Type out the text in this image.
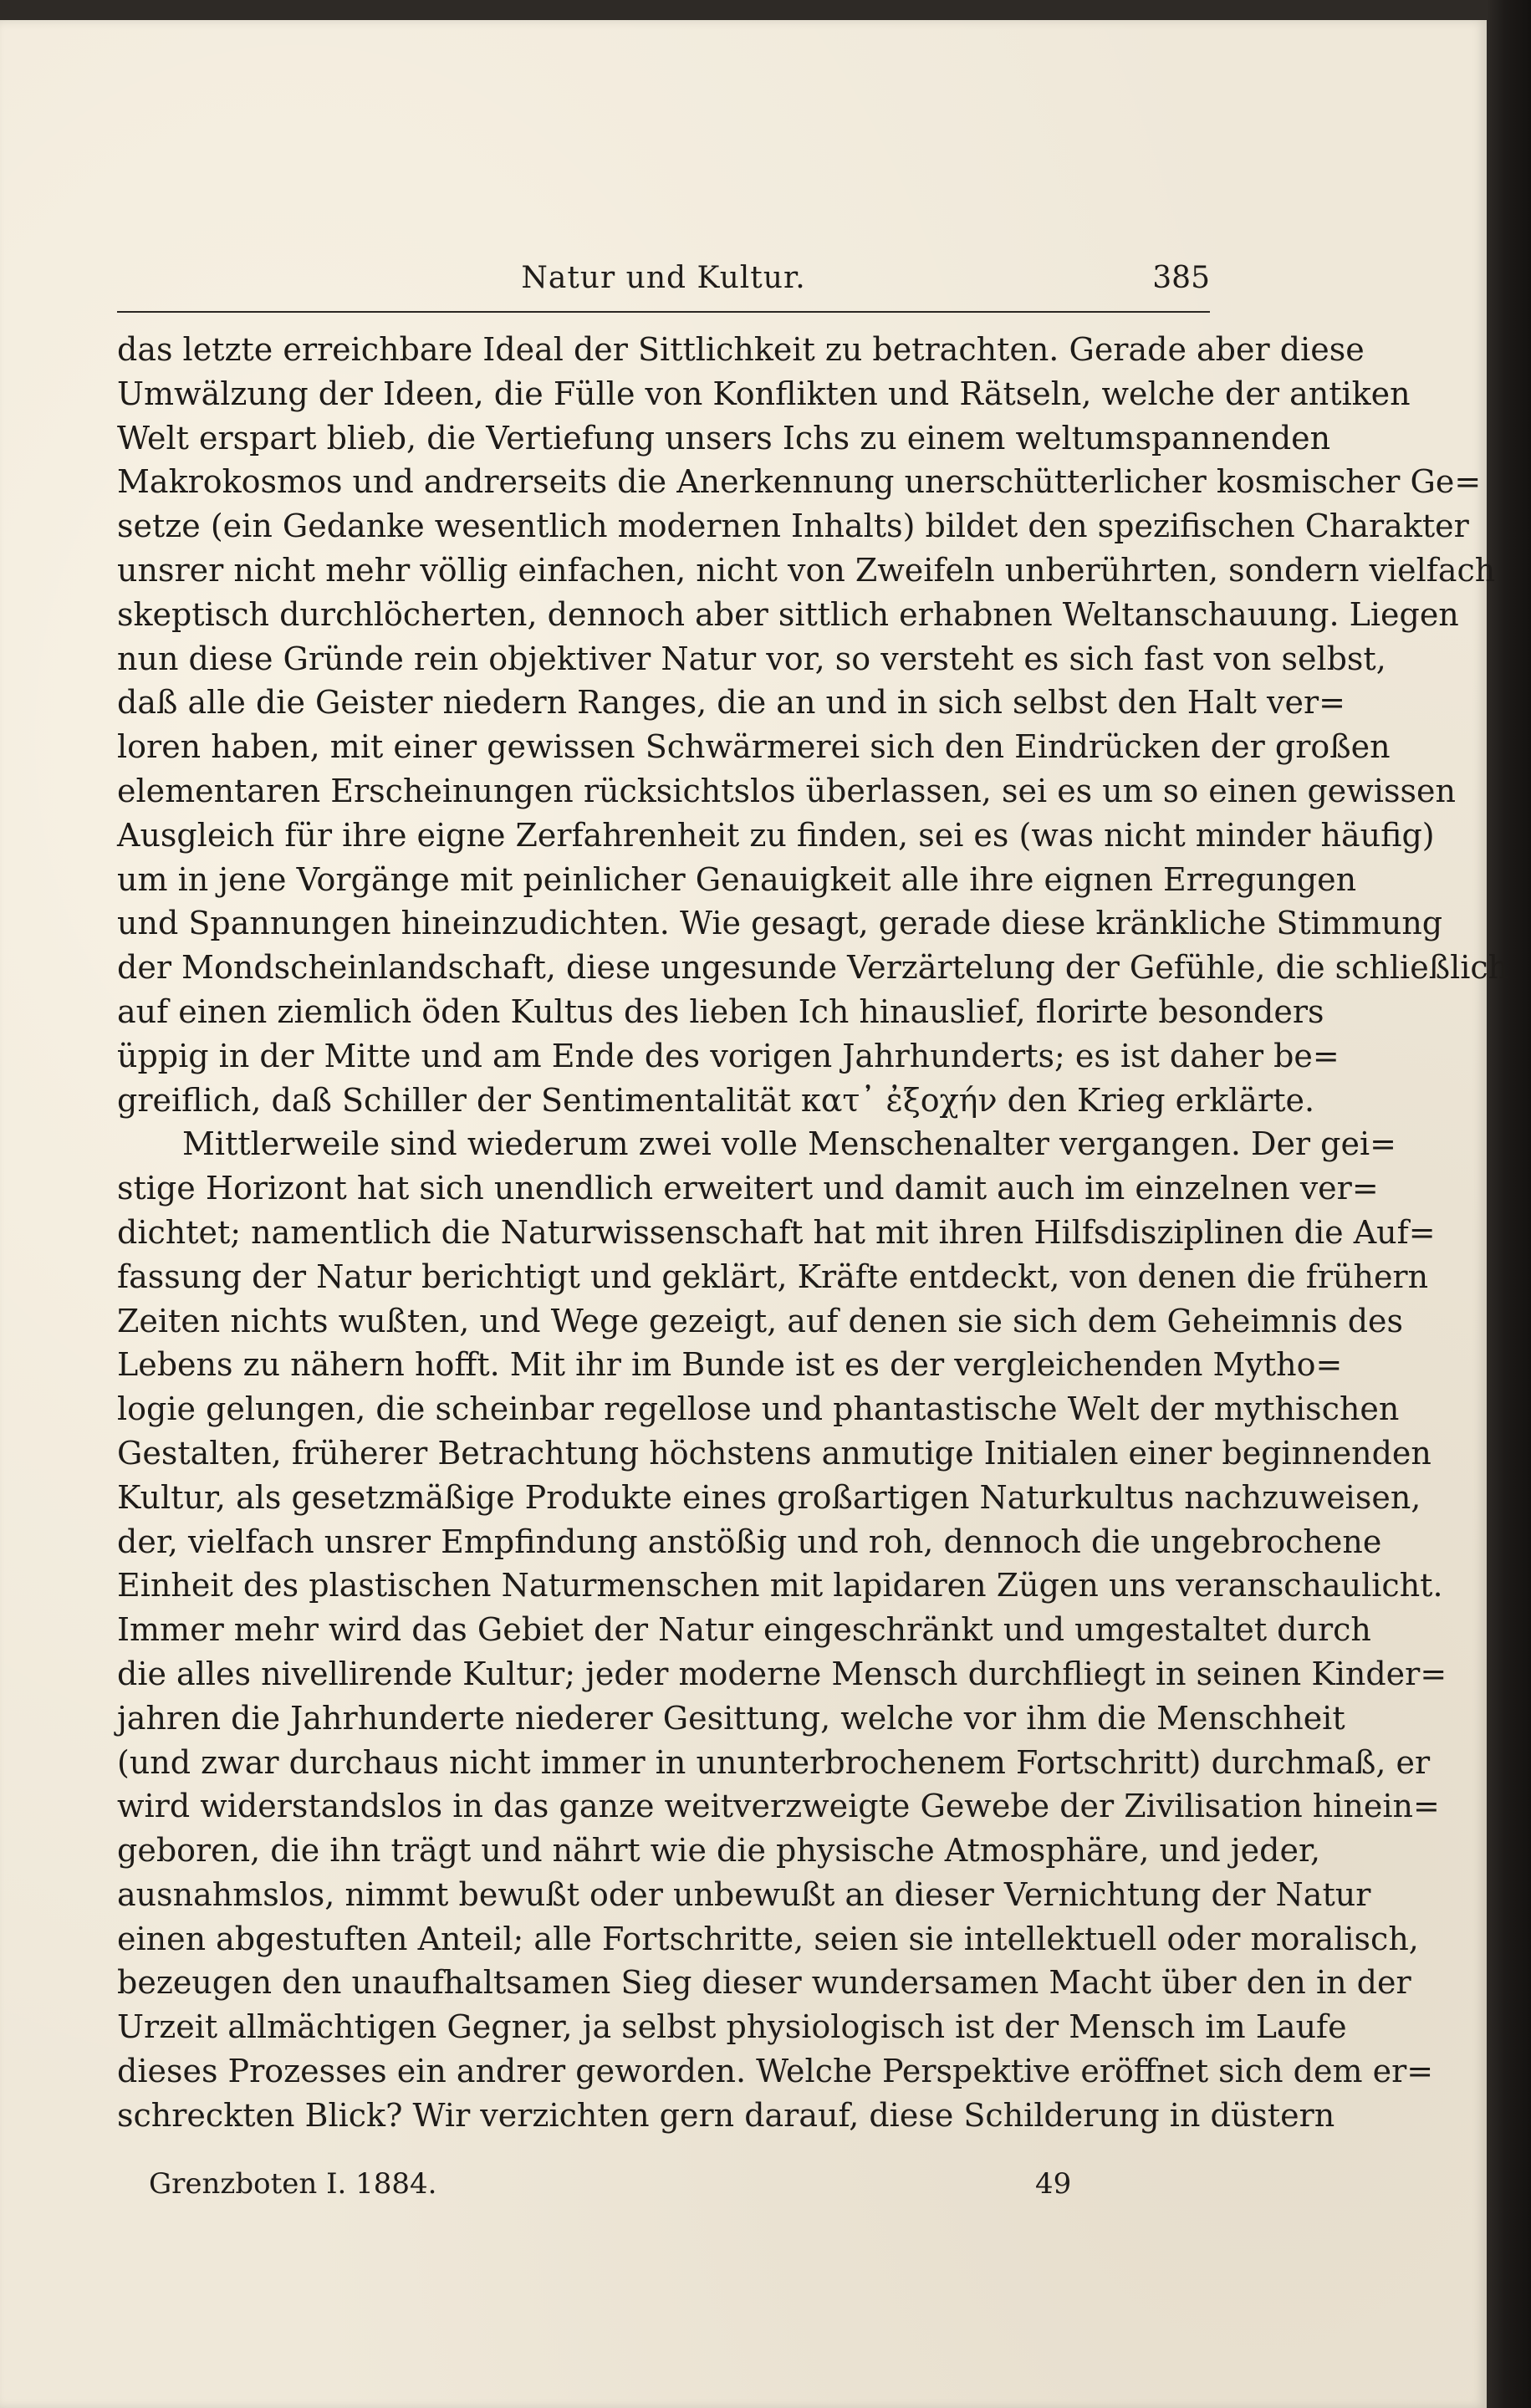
Natur und Kultur.	385
das letzte erreichbare Ideal der Sittlichkeit zu betrachten. Gerade aber diese
Umwälzung der Ideen, die Fülle von Konflikten und Rätseln, welche der antiken
Welt erspart blieb, die Vertiefung unsers Ichs zu einem weltumspannenden
Makrokosmos und andrerseits die Anerkennung unerschütterlicher kosmischer Ge=
setze (ein Gedanke wesentlich modernen Inhalts) bildet den spezifischen Charakter
unsrer nicht mehr völlig einfachen, nicht von Zweifeln unberührten, sondern vielfach
skeptisch durchlöcherten, dennoch aber sittlich erhabnen Weltanschauung. Liegen
nun diese Gründe rein objektiver Natur vor, so versteht es sich fast von selbst,
daß alle die Geister niedern Ranges, die an und in sich selbst den Halt ver=
loren haben, mit einer gewissen Schwärmerei sich den Eindrücken der großen
elementaren Erscheinungen rücksichtslos überlassen, sei es um so einen gewissen
Ausgleich für ihre eigne Zerfahrenheit zu finden, sei es (was nicht minder häufig)
um in jene Vorgänge mit peinlicher Genauigkeit alle ihre eignen Erregungen
und Spannungen hineinzudichten. Wie gesagt, gerade diese kränkliche Stimmung
der Mondscheinlandschaft, diese ungesunde Verzärtelung der Gefühle, die schließlich
auf einen ziemlich öden Kultus des lieben Ich hinauslief, florirte besonders
üppig in der Mitte und am Ende des vorigen Jahrhunderts; es ist daher be=
greiflich, daß Schiller der Sentimentalität κατ᾽ ἐξοχήν den Krieg erklärte.
Mittlerweile sind wiederum zwei volle Menschenalter vergangen. Der gei=
stige Horizont hat sich unendlich erweitert und damit auch im einzelnen ver=
dichtet; namentlich die Naturwissenschaft hat mit ihren Hilfsdisziplinen die Auf=
fassung der Natur berichtigt und geklärt, Kräfte entdeckt, von denen die frühern
Zeiten nichts wußten, und Wege gezeigt, auf denen sie sich dem Geheimnis des
Lebens zu nähern hofft. Mit ihr im Bunde ist es der vergleichenden Mytho=
logie gelungen, die scheinbar regellose und phantastische Welt der mythischen
Gestalten, früherer Betrachtung höchstens anmutige Initialen einer beginnenden
Kultur, als gesetzmäßige Produkte eines großartigen Naturkultus nachzuweisen,
der, vielfach unsrer Empfindung anstößig und roh, dennoch die ungebrochene
Einheit des plastischen Naturmenschen mit lapidaren Zügen uns veranschaulicht.
Immer mehr wird das Gebiet der Natur eingeschränkt und umgestaltet durch
die alles nivellirende Kultur; jeder moderne Mensch durchfliegt in seinen Kinder=
jahren die Jahrhunderte niederer Gesittung, welche vor ihm die Menschheit
(und zwar durchaus nicht immer in ununterbrochenem Fortschritt) durchmaß, er
wird widerstandslos in das ganze weitverzweigte Gewebe der Zivilisation hinein=
geboren, die ihn trägt und nährt wie die physische Atmosphäre, und jeder,
ausnahmslos, nimmt bewußt oder unbewußt an dieser Vernichtung der Natur
einen abgestuften Anteil; alle Fortschritte, seien sie intellektuell oder moralisch,
bezeugen den unaufhaltsamen Sieg dieser wundersamen Macht über den in der
Urzeit allmächtigen Gegner, ja selbst physiologisch ist der Mensch im Laufe
dieses Prozesses ein andrer geworden. Welche Perspektive eröffnet sich dem er=
schreckten Blick? Wir verzichten gern darauf, diese Schilderung in düstern
Grenzboten I. 1884.	49
